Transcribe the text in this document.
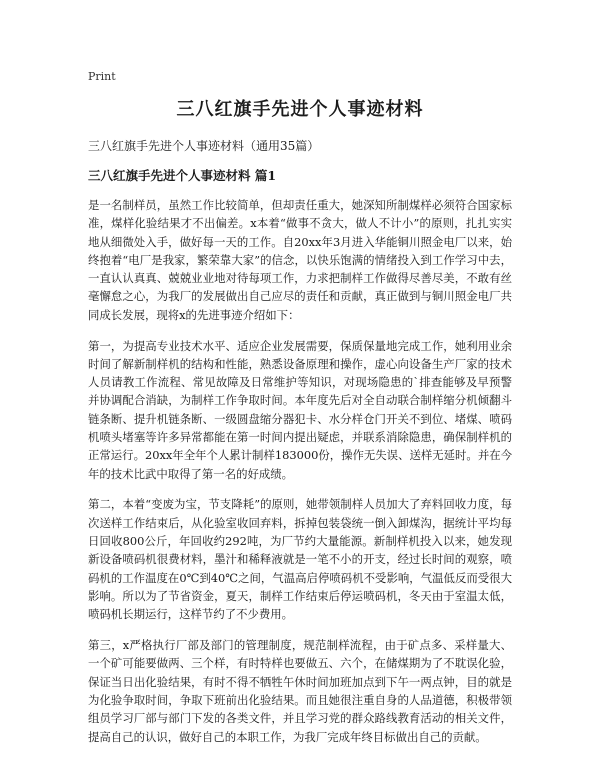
Print
三八红旗手先进个人事迹材料
三八红旗手先进个人事迹材料（通用35篇）
三八红旗手先进个人事迹材料 篇1

是一名制样员，虽然工作比较简单，但却责任重大，她深知所制煤样必须符合国家标准，煤样化验结果才不出偏差。x本着“做事不贪大，做人不计小”的原则，扎扎实实地从细微处入手，做好每一天的工作。自20xx年3月进入华能铜川照金电厂以来，始终抱着“电厂是我家，繁荣靠大家”的信念，以快乐饱满的情绪投入到工作学习中去，一直认认真真、兢兢业业地对待每项工作，力求把制样工作做得尽善尽美，不敢有丝毫懈怠之心，为我厂的发展做出自己应尽的责任和贡献，真正做到与铜川照金电厂共同成长发展，现将x的先进事迹介绍如下：

第一，为提高专业技术水平、适应企业发展需要，保质保量地完成工作，她利用业余时间了解新制样机的结构和性能，熟悉设备原理和操作，虚心向设备生产厂家的技术人员请教工作流程、常见故障及日常维护等知识，对现场隐患的`排查能够及早预警并协调配合消缺，为制样工作争取时间。本年度先后对全自动联合制样缩分机倾翻斗链条断、提升机链条断、一级圆盘缩分器犯卡、水分样仓门开关不到位、堵煤、喷码机喷头堵塞等许多异常都能在第一时间内提出疑虑，并联系消除隐患，确保制样机的正常运行。20xx年全年个人累计制样183000份，操作无失误、送样无延时。并在今年的技术比武中取得了第一名的好成绩。

第二，本着“变废为宝，节支降耗”的原则，她带领制样人员加大了弃料回收力度，每次送样工作结束后，从化验室收回弃料，拆掉包装袋统一倒入卸煤沟，据统计平均每日回收800公斤，年回收约292吨，为厂节约大量能源。新制样机投入以来，她发现新设备喷码机很费材料，墨汁和稀释液就是一笔不小的开支，经过长时间的观察，喷码机的工作温度在0℃到40℃之间，气温高启停喷码机不受影响，气温低反而受很大影响。所以为了节省资金，夏天，制样工作结束后停运喷码机，冬天由于室温太低，喷码机长期运行，这样节约了不少费用。

第三，x严格执行厂部及部门的管理制度，规范制样流程，由于矿点多、采样量大、一个矿可能要做两、三个样，有时特样也要做五、六个，在储煤期为了不耽误化验，保证当日出化验结果，有时不得不牺牲午休时间加班加点到下午一两点钟，目的就是为化验争取时间，争取下班前出化验结果。而且她很注重自身的人品道德，积极带领组员学习厂部与部门下发的各类文件，并且学习党的群众路线教育活动的相关文件，提高自己的认识，做好自己的本职工作，为我厂完成年终目标做出自己的贡献。
